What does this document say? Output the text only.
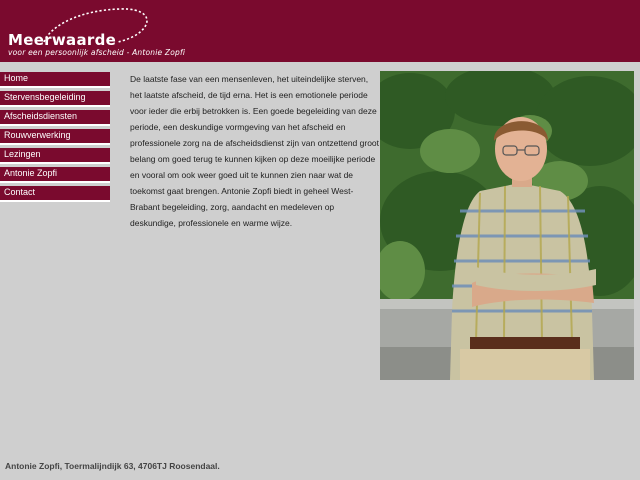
Meerwaarde
voor een persoonlijk afscheid - Antonie Zopfi
Home
Stervensbegeleiding
Afscheidsdiensten
Rouwverwerking
Lezingen
Antonie Zopfi
Contact
De laatste fase van een mensenleven, het uiteindelijke sterven, het laatste afscheid, de tijd erna. Het is een emotionele periode voor ieder die erbij betrokken is. Een goede begeleiding van deze periode, een deskundige vormgeving van het afscheid en professionele zorg na de afscheidsdienst zijn van ontzettend groot belang om goed terug te kunnen kijken op deze moeilijke periode en vooral om ook weer goed uit te kunnen zien naar wat de toekomst gaat brengen. Antonie Zopfi biedt in geheel West-Brabant begeleiding, zorg, aandacht en medeleven op deskundige, professionele en warme wijze.
Antonie Zopfi, Toermalijndijk 63, 4706TJ Roosendaal.
